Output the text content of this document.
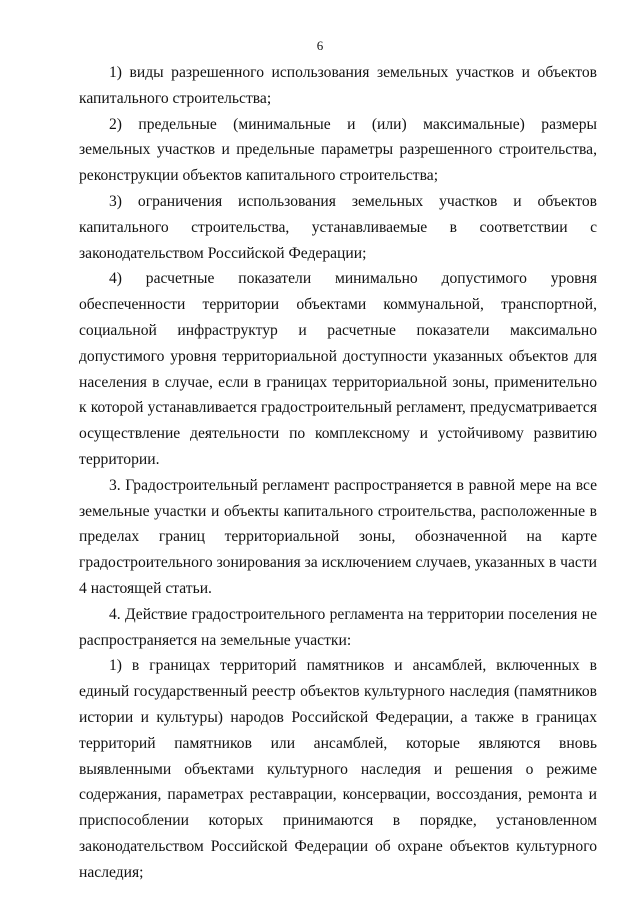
6

1) виды разрешенного использования земельных участков и объектов капитального строительства;

2) предельные (минимальные и (или) максимальные) размеры земельных участков и предельные параметры разрешенного строительства, реконструкции объектов капитального строительства;

3) ограничения использования земельных участков и объектов капитального строительства, устанавливаемые в соответствии с законодательством Российской Федерации;

4) расчетные показатели минимально допустимого уровня обеспеченности территории объектами коммунальной, транспортной, социальной инфраструктур и расчетные показатели максимально допустимого уровня территориальной доступности указанных объектов для населения в случае, если в границах территориальной зоны, применительно к которой устанавливается градостроительный регламент, предусматривается осуществление деятельности по комплексному и устойчивому развитию территории.

3. Градостроительный регламент распространяется в равной мере на все земельные участки и объекты капитального строительства, расположенные в пределах границ территориальной зоны, обозначенной на карте градостроительного зонирования за исключением случаев, указанных в части 4 настоящей статьи.

4. Действие градостроительного регламента на территории поселения не распространяется на земельные участки:

1) в границах территорий памятников и ансамблей, включенных в единый государственный реестр объектов культурного наследия (памятников истории и культуры) народов Российской Федерации, а также в границах территорий памятников или ансамблей, которые являются вновь выявленными объектами культурного наследия и решения о режиме содержания, параметрах реставрации, консервации, воссоздания, ремонта и приспособлении которых принимаются в порядке, установленном законодательством Российской Федерации об охране объектов культурного наследия;
